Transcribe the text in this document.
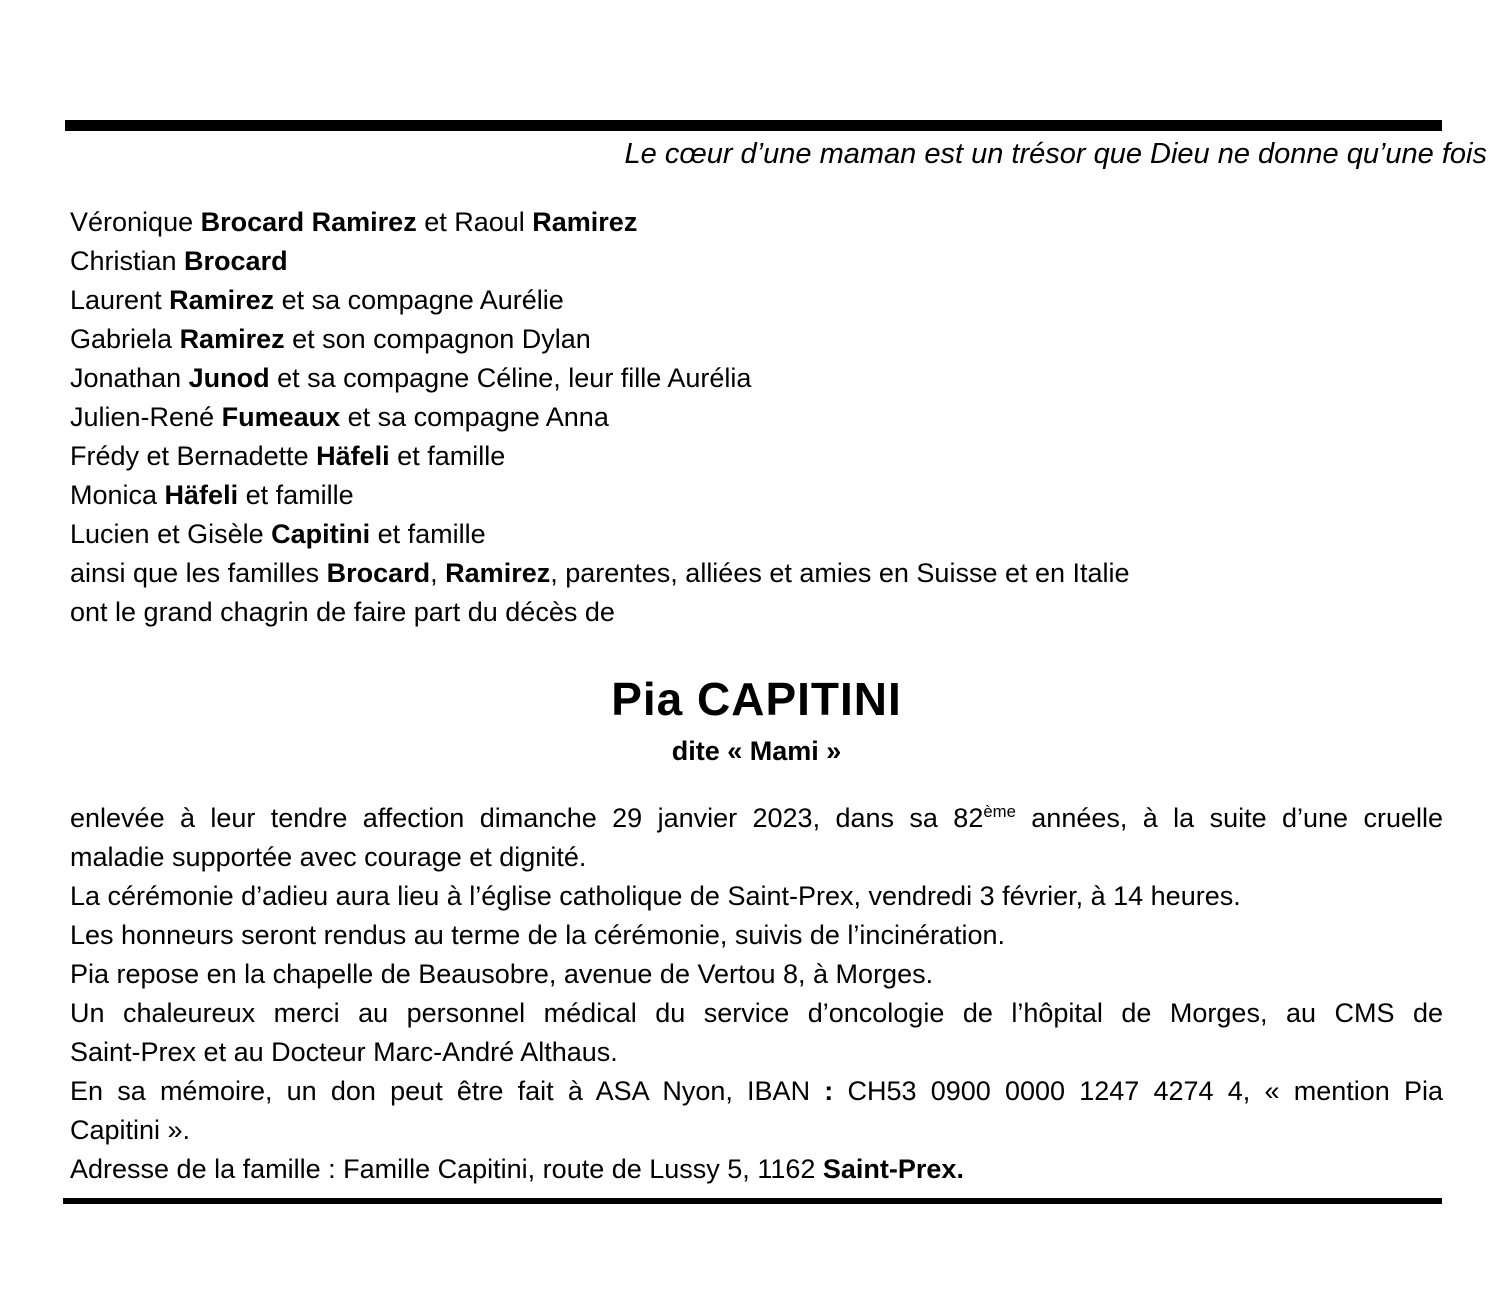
Le cœur d’une maman est un trésor que Dieu ne donne qu’une fois
Véronique Brocard Ramirez et Raoul Ramirez
Christian Brocard
Laurent Ramirez et sa compagne Aurélie
Gabriela Ramirez et son compagnon Dylan
Jonathan Junod et sa compagne Céline, leur fille Aurélia
Julien-René Fumeaux et sa compagne Anna
Frédy et Bernadette Häfeli et famille
Monica Häfeli et famille
Lucien et Gisèle Capitini et famille
ainsi que les familles Brocard, Ramirez, parentes, alliées et amies en Suisse et en Italie
ont le grand chagrin de faire part du décès de
Pia CAPITINI
dite « Mami »
enlevée à leur tendre affection dimanche 29 janvier 2023, dans sa 82ème années, à la suite d’une cruelle
maladie supportée avec courage et dignité.
La cérémonie d’adieu aura lieu à l’église catholique de Saint-Prex, vendredi 3 février, à 14 heures.
Les honneurs seront rendus au terme de la cérémonie, suivis de l’incinération.
Pia repose en la chapelle de Beausobre, avenue de Vertou 8, à Morges.
Un chaleureux merci au personnel médical du service d’oncologie de l’hôpital de Morges, au CMS de
Saint-Prex et au Docteur Marc-André Althaus.
En sa mémoire, un don peut être fait à ASA Nyon, IBAN : CH53 0900 0000 1247 4274 4, « mention Pia
Capitini ».
Adresse de la famille : Famille Capitini, route de Lussy 5, 1162 Saint-Prex.
